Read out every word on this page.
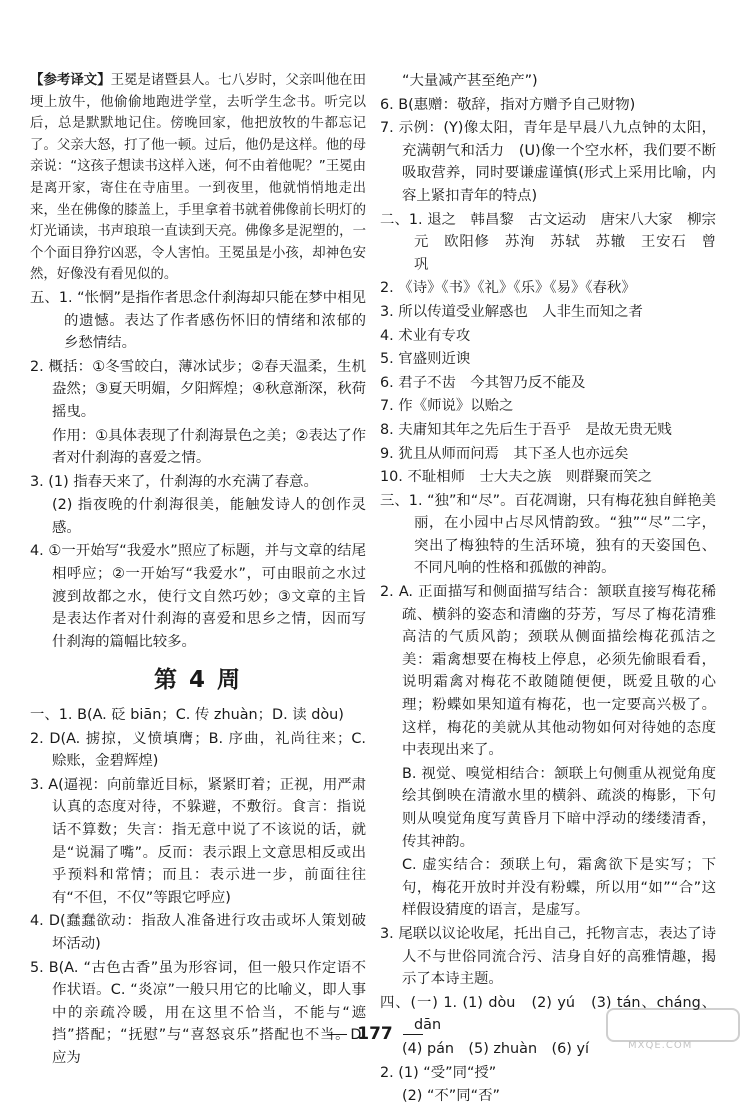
【参考译文】王冕是诸暨县人。七八岁时，父亲叫他在田埂上放牛，他偷偷地跑进学堂，去听学生念书。听完以后，总是默默地记住。傍晚回家，他把放牧的牛都忘记了。父亲大怒，打了他一顿。过后，他仍是这样。他的母亲说：“这孩子想读书这样入迷，何不由着他呢？”王冕由是离开家，寄住在寺庙里。一到夜里，他就悄悄地走出来，坐在佛像的膝盖上，手里拿着书就着佛像前长明灯的灯光诵读，书声琅琅一直读到天亮。佛像多是泥塑的，一个个面目狰狞凶恶，令人害怕。王冕虽是小孩，却神色安然，好像没有看见似的。

五、1. “怅惘”是指作者思念什刹海却只能在梦中相见的遗憾。表达了作者感伤怀旧的情绪和浓郁的乡愁情结。

2. 概括：①冬雪皎白，薄冰试步；②春天温柔，生机盎然；③夏天明媚，夕阳辉煌；④秋意渐深，秋荷摇曳。

作用：①具体表现了什刹海景色之美；②表达了作者对什刹海的喜爱之情。

3. (1) 指春天来了，什刹海的水充满了春意。

(2) 指夜晚的什刹海很美，能触发诗人的创作灵感。

4. ①一开始写“我爱水”照应了标题，并与文章的结尾相呼应；②一开始写“我爱水”，可由眼前之水过渡到故都之水，使行文自然巧妙；③文章的主旨是表达作者对什刹海的喜爱和思乡之情，因而写什刹海的篇幅比较多。

第 4 周

一、1. B(A. 砭 biān；C. 传 zhuàn；D. 读 dòu)

2. D(A. 掳掠，义愤填膺；B. 序曲，礼尚往来；C. 赊账，金碧辉煌)

3. A(逼视：向前靠近目标，紧紧盯着；正视，用严肃认真的态度对待，不躲避，不敷衍。食言：指说话不算数；失言：指无意中说了不该说的话，就是“说漏了嘴”。反而：表示跟上文意思相反或出乎预料和常情；而且：表示进一步，前面往往有“不但，不仅”等跟它呼应)

4. D(蠢蠢欲动：指敌人准备进行攻击或坏人策划破坏活动)

5. B(A. “古色古香”虽为形容词，但一般只作定语不作状语。C. “炎凉”一般只用它的比喻义，即人事中的亲疏冷暖，用在这里不恰当，不能与“遮挡”搭配；“抚慰”与“喜怒哀乐”搭配也不当。D. 应为

“大量减产甚至绝产”)

6. B(惠赠：敬辞，指对方赠予自己财物)

7. 示例：(Y)像太阳，青年是早晨八九点钟的太阳，充满朝气和活力　(U)像一个空水杯，我们要不断吸取营养，同时要谦虚谨慎(形式上采用比喻，内容上紧扣青年的特点)

二、1. 退之　韩昌黎　古文运动　唐宋八大家　柳宗元　欧阳修　苏洵　苏轼　苏辙　王安石　曾巩

2. 《诗》《书》《礼》《乐》《易》《春秋》

3. 所以传道受业解惑也　人非生而知之者

4. 术业有专攻

5. 官盛则近谀

6. 君子不齿　今其智乃反不能及

7. 作《师说》以贻之

8. 夫庸知其年之先后生于吾乎　是故无贵无贱

9. 犹且从师而问焉　其下圣人也亦远矣

10. 不耻相师　士大夫之族　则群聚而笑之

三、1. “独”和“尽”。百花凋谢，只有梅花独自鲜艳美丽，在小园中占尽风情韵致。“独”“尽”二字，突出了梅独特的生活环境，独有的天姿国色、不同凡响的性格和孤傲的神韵。

2. A. 正面描写和侧面描写结合：颔联直接写梅花稀疏、横斜的姿态和清幽的芬芳，写尽了梅花清雅高洁的气质风韵；颈联从侧面描绘梅花孤洁之美：霜禽想要在梅枝上停息，必须先偷眼看看，说明霜禽对梅花不敢随随便便，既爱且敬的心理；粉蝶如果知道有梅花，也一定要高兴极了。这样，梅花的美就从其他动物如何对待她的态度中表现出来了。

B. 视觉、嗅觉相结合：颔联上句侧重从视觉角度绘其倒映在清澈水里的横斜、疏淡的梅影，下句则从嗅觉角度写黄昏月下暗中浮动的缕缕清香，传其神韵。

C. 虚实结合：颈联上句，霜禽欲下是实写；下句，梅花开放时并没有粉蝶，所以用“如”“合”这样假设猜度的语言，是虚写。

3. 尾联以议论收尾，托出自己，托物言志，表达了诗人不与世俗同流合污、洁身自好的高雅情趣，揭示了本诗主题。

四、(一) 1. (1) dòu　(2) yú　(3) tán、cháng、dān

(4) pán　(5) zhuàn　(6) yí

2. (1) “受”同“授”

(2) “不”同“否”

177
MXQE.COM
